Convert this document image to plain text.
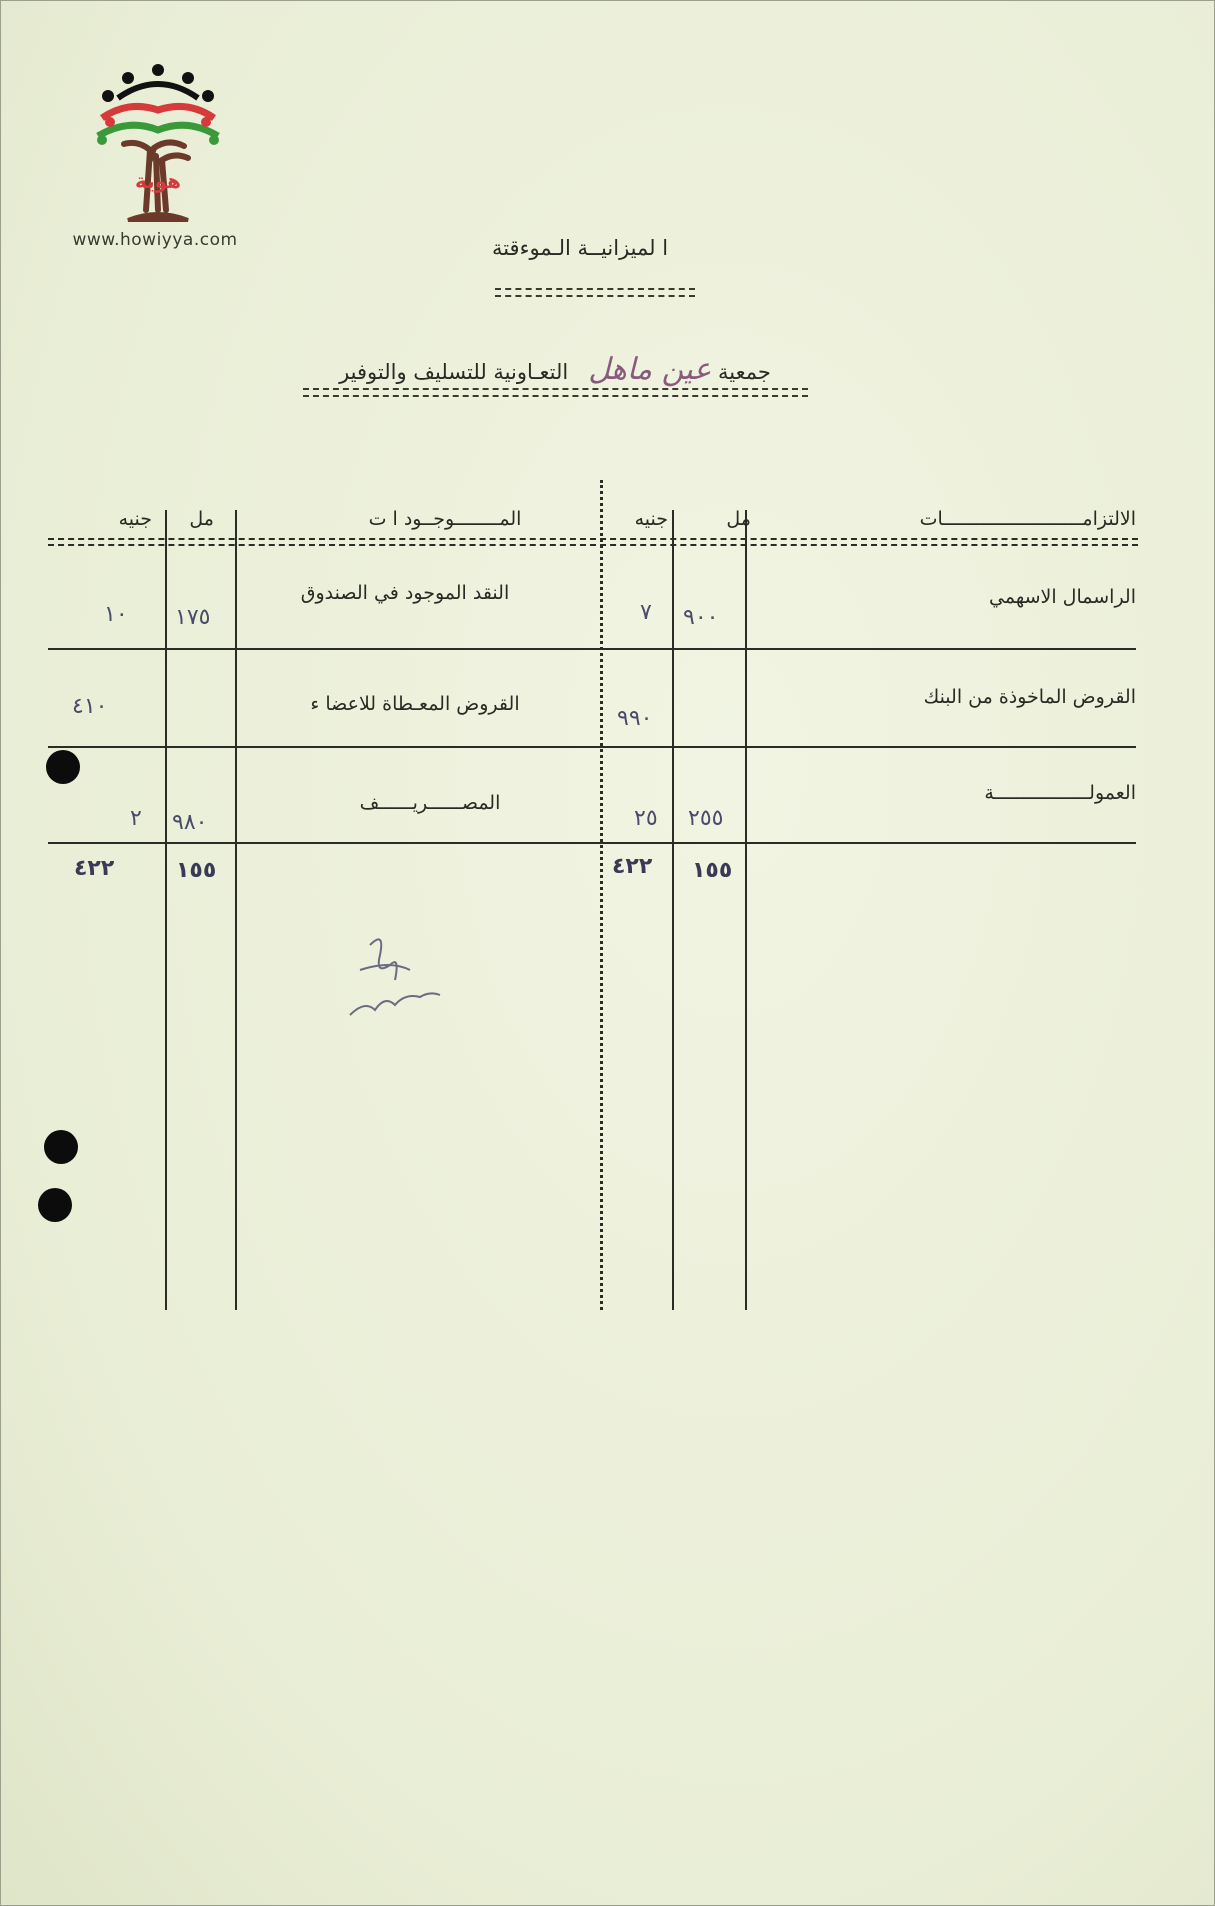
هوية
www.howiyya.com	ا لميزانيــة الـموءقتة
جمعية عين ماهل   التعـاونية للتسليف والتوفير
الالتزامـــــــــــــــــــــــــات
مل
جنيه
المــــــــوجــود ا ت
مل
جنيه
الراسمال الاسهمي
٩٠٠
٧
القروض الماخوذة من البنك
٩٩٠
العمولـــــــــــــــــة
٢٥٥
٢٥
١٥٥
٤٢٢
النقد الموجود في الصندوق
١٧٥
١٠
القروض المعـطاة للاعضا ء
٤١٠
المصــــــريــــــف
٩٨٠
٢
١٥٥
٤٢٢
